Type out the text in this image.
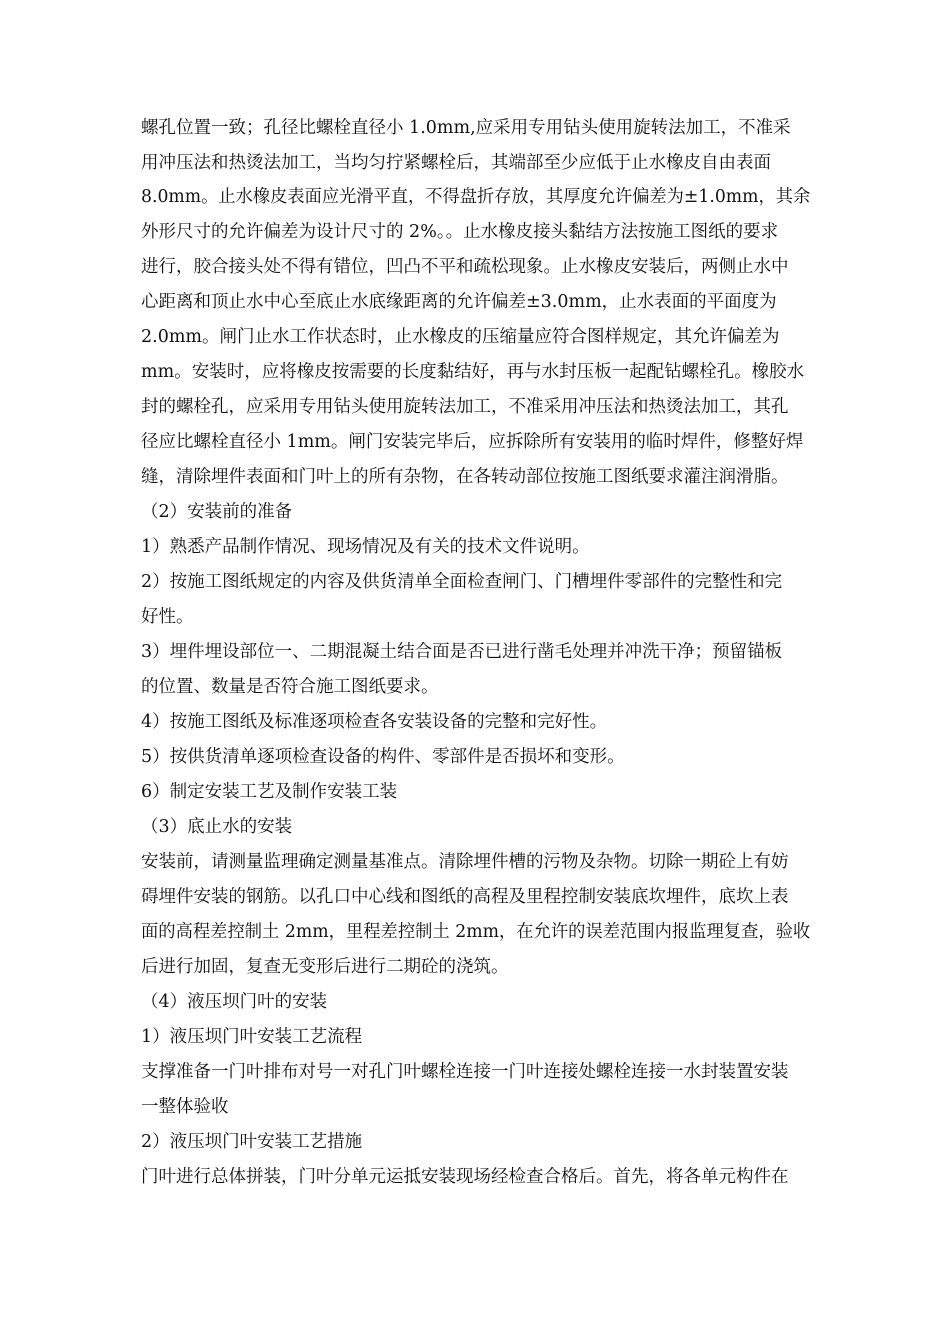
螺孔位置一致；孔径比螺栓直径小 1.0mm,应采用专用钻头使用旋转法加工，不准采
用冲压法和热烫法加工，当均匀拧紧螺栓后，其端部至少应低于止水橡皮自由表面
8.0mm。止水橡皮表面应光滑平直，不得盘折存放，其厚度允许偏差为±1.0mm，其余
外形尺寸的允许偏差为设计尺寸的 2%。。止水橡皮接头黏结方法按施工图纸的要求
进行，胶合接头处不得有错位，凹凸不平和疏松现象。止水橡皮安装后，两侧止水中
心距离和顶止水中心至底止水底缘距离的允许偏差±3.0mm，止水表面的平面度为
2.0mm。闸门止水工作状态时，止水橡皮的压缩量应符合图样规定，其允许偏差为
mm。安装时，应将橡皮按需要的长度黏结好，再与水封压板一起配钻螺栓孔。橡胶水
封的螺栓孔，应采用专用钻头使用旋转法加工，不准采用冲压法和热烫法加工，其孔
径应比螺栓直径小 1mm。闸门安装完毕后，应拆除所有安装用的临时焊件，修整好焊
缝，清除埋件表面和门叶上的所有杂物，在各转动部位按施工图纸要求灌注润滑脂。
（2）安装前的准备
1）熟悉产品制作情况、现场情况及有关的技术文件说明。
2）按施工图纸规定的内容及供货清单全面检查闸门、门槽埋件零部件的完整性和完
好性。
3）埋件埋设部位一、二期混凝土结合面是否已进行凿毛处理并冲洗干净；预留锚板
的位置、数量是否符合施工图纸要求。
4）按施工图纸及标准逐项检查各安装设备的完整和完好性。
5）按供货清单逐项检查设备的构件、零部件是否损坏和变形。
6）制定安装工艺及制作安装工装
（3）底止水的安装
安装前，请测量监理确定测量基准点。清除埋件槽的污物及杂物。切除一期砼上有妨
碍埋件安装的钢筋。以孔口中心线和图纸的高程及里程控制安装底坎埋件，底坎上表
面的高程差控制土 2mm，里程差控制土 2mm，在允许的误差范围内报监理复查，验收
后进行加固，复查无变形后进行二期砼的浇筑。
（4）液压坝门叶的安装
1）液压坝门叶安装工艺流程
支撑准备一门叶排布对号一对孔门叶螺栓连接一门叶连接处螺栓连接一水封装置安装
一整体验收
2）液压坝门叶安装工艺措施
门叶进行总体拼装，门叶分单元运抵安装现场经检查合格后。首先，将各单元构件在
